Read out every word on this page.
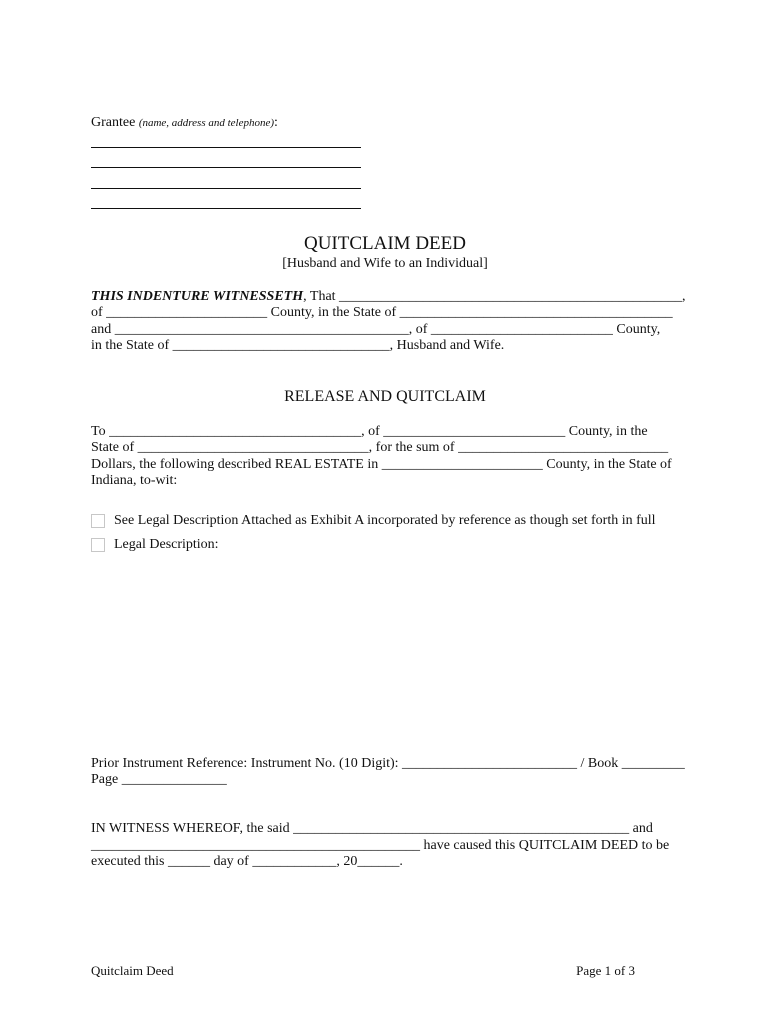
Grantee (name, address and telephone):
QUITCLAIM DEED
[Husband and Wife to an Individual]
THIS INDENTURE WITNESSETH, That _________________________________________________,
of _______________________ County, in the State of _______________________________________
and __________________________________________, of __________________________ County,
in the State of _______________________________, Husband and Wife.
RELEASE AND QUITCLAIM
To ____________________________________, of __________________________ County, in the
State of _________________________________, for the sum of ______________________________
Dollars, the following described REAL ESTATE in _______________________ County, in the State of
Indiana, to-wit:
See Legal Description Attached as Exhibit A incorporated by reference as though set forth in full
Legal Description:
Prior Instrument Reference: Instrument No. (10 Digit): _________________________ / Book _________
Page _______________
IN WITNESS WHEREOF, the said ________________________________________________ and
_______________________________________________ have caused this QUITCLAIM DEED to be
executed this ______ day of ____________, 20______.
Quitclaim Deed	Page 1 of 3
